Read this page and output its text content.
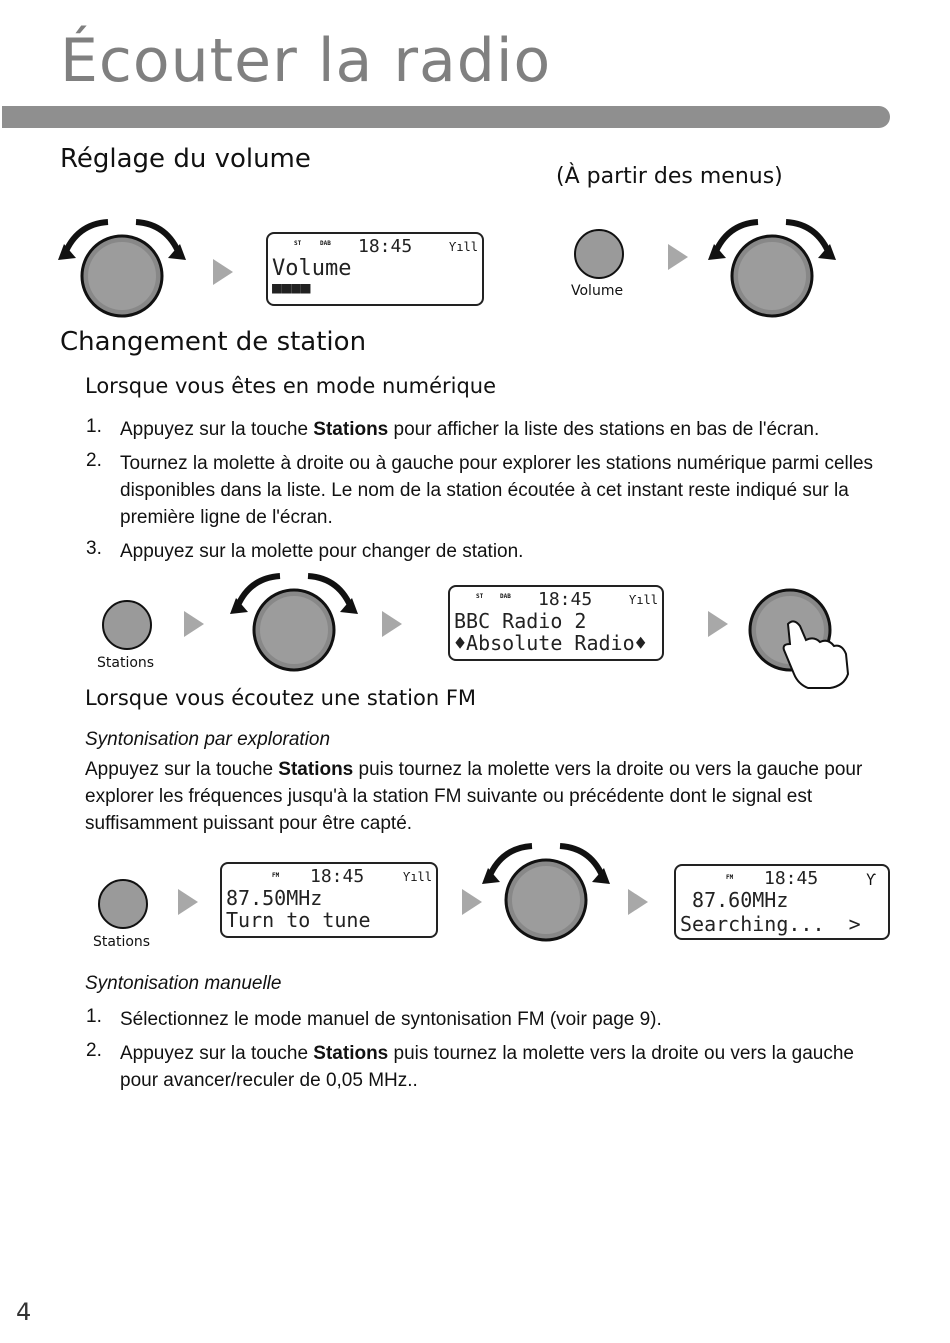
Écouter la radio
Réglage du volume
(À partir des menus)
ST	DAB 18:45	Ƴıll
Volume
■■■■	Volume
Changement de station
Lorsque vous êtes en mode numérique
1. Appuyez sur la touche Stations pour afficher la liste des stations en bas de l'écran.
2. Tournez la molette à droite ou à gauche pour explorer les stations numérique parmi celles disponibles dans la liste. Le nom de la station écoutée à cet instant reste indiqué sur la première ligne de l'écran.
3. Appuyez sur la molette pour changer de station.
Stations
ST	DAB 18:45	Ƴıll
BBC Radio 2
♦Absolute Radio♦
Lorsque vous écoutez une station FM
Syntonisation par exploration
Appuyez sur la touche Stations puis tournez la molette vers la droite ou vers la gauche pour explorer les fréquences jusqu'à la station FM suivante ou précédente dont le signal est suffisamment puissant pour être capté.
Stations
FM 18:45	Ƴıll
87.50MHz
Turn to tune
FM 18:45	Ƴ
87.60MHz
Searching...  >
Syntonisation manuelle
1. Sélectionnez le mode manuel de syntonisation FM (voir page 9).
2. Appuyez sur la touche Stations puis tournez la molette vers la droite ou vers la gauche pour avancer/reculer de 0,05 MHz..
4
